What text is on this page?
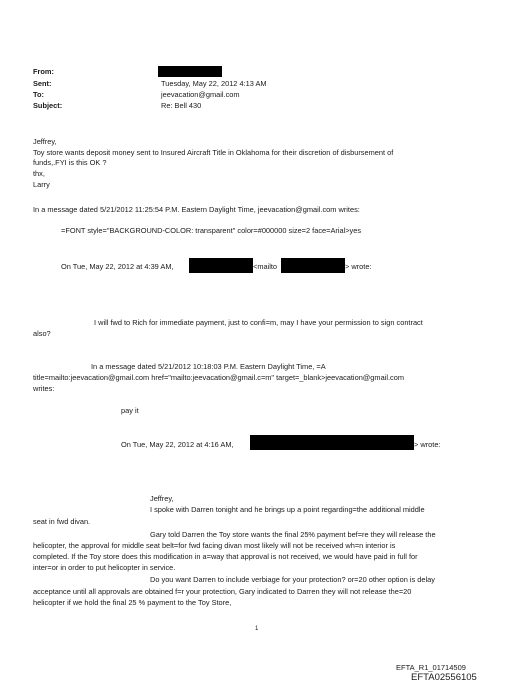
From:
Sent:	Tuesday, May 22, 2012 4:13 AM
To:	jeevacation@gmail.com
Subject:	Re: Bell 430
Jeffrey,
Toy store wants deposit money sent to Insured Aircraft Title in Oklahoma for their discretion of disbursement of
funds,.FYI is this OK ?
thx,
Larry
In a message dated 5/21/2012 11:25:54 P.M. Eastern Daylight Time, jeevacation@gmail.com writes:
=FONT style="BACKGROUND-COLOR: transparent" color=#000000 size=2 face=Arial>yes
On Tue, May 22, 2012 at 4:39 AM,	<mailto	> wrote:
I will fwd to Rich for immediate payment, just to confi=m, may I have your permission to sign contract
also?
In a message dated 5/21/2012 10:18:03 P.M. Eastern Daylight Time, =A
title=mailto:jeevacation@gmail.com href="mailto:jeevacation@gmail.c=m" target=_blank>jeevacation@gmail.com
writes:
pay it
On Tue, May 22, 2012 at 4:16 AM,	> wrote:
Jeffrey,
I spoke with Darren tonight and he brings up a point regarding=the additional middle
seat in fwd divan.
Gary told Darren the Toy store wants the final 25% payment bef=re they will release the
helicopter, the approval for middle seat belt=for fwd facing divan most likely will not be received wh=n interior is
completed. If the Toy store does this modification in a=way that approval is not received, we would have paid in full for
inter=or in order to put helicopter in service.
Do you want Darren to include verbiage for your protection? or=20 other option is delay
acceptance until all approvals are obtained f=r your protection, Gary indicated to Darren they will not release the=20
helicopter if we hold the final 25 % payment to the Toy Store,
1
EFTA_R1_01714509
EFTA02556105
